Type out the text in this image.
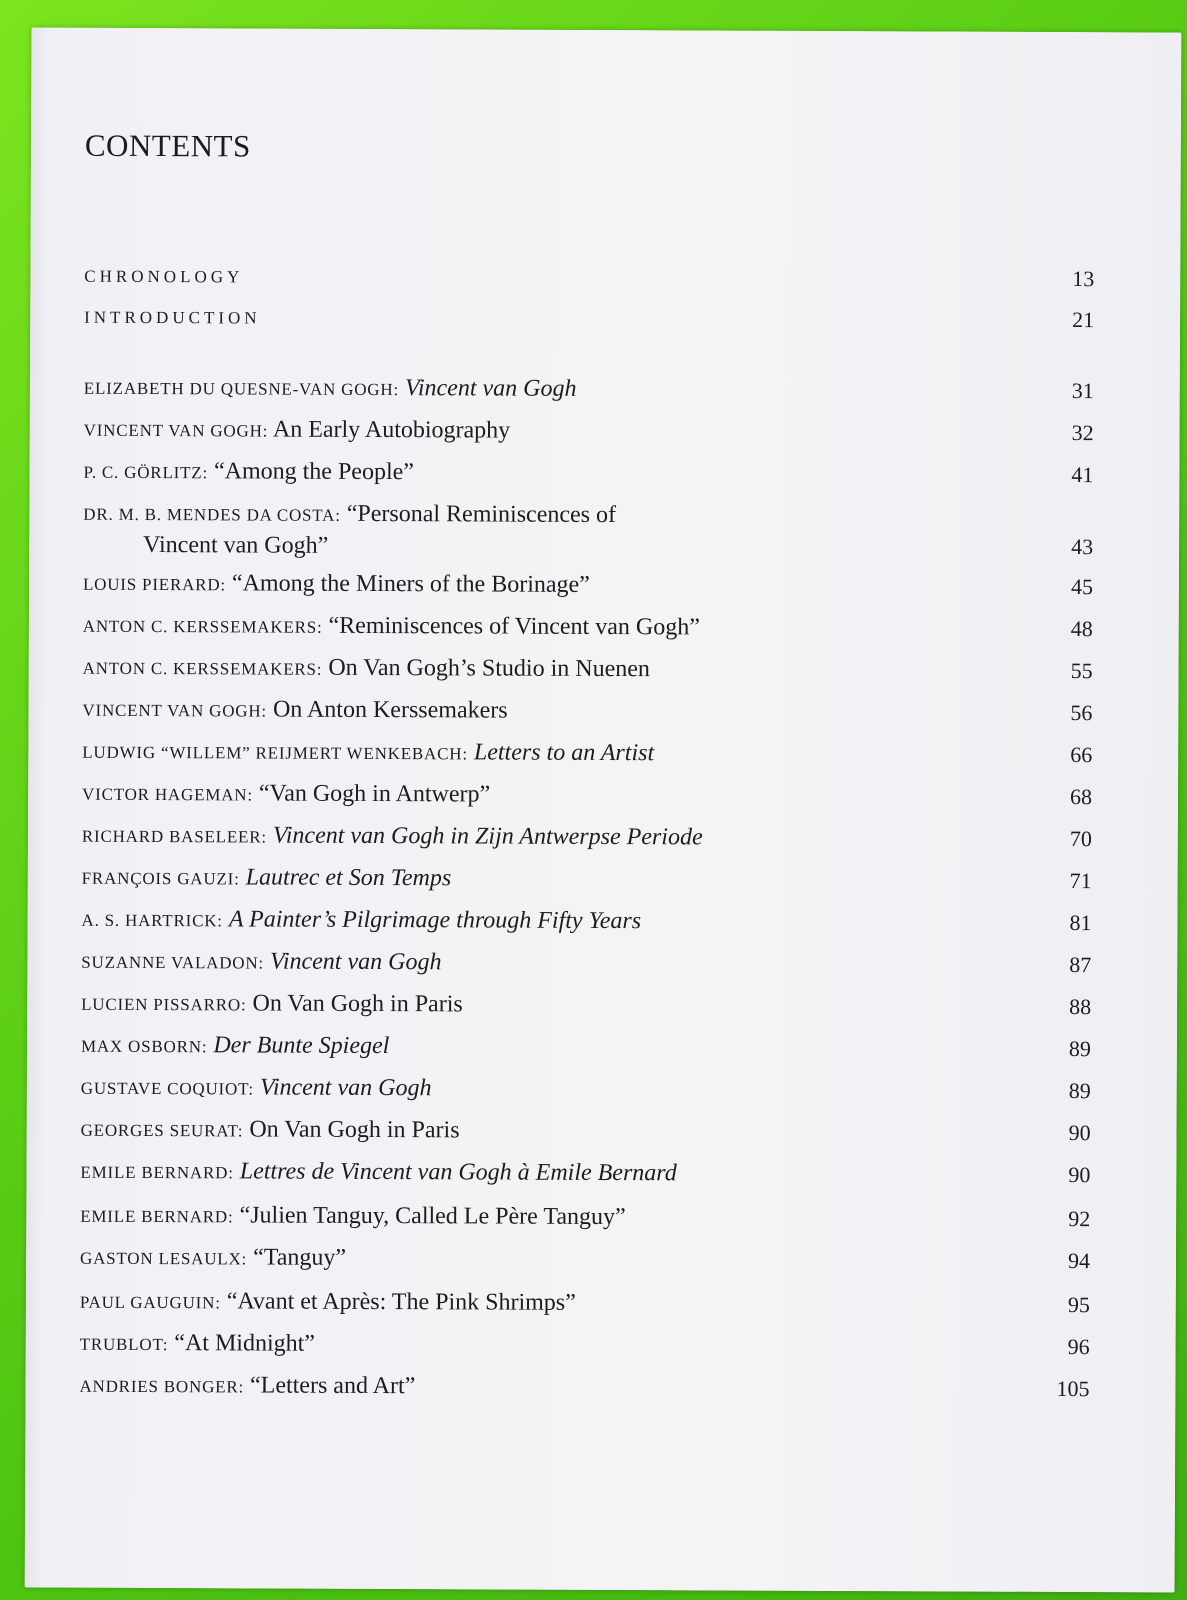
CONTENTS
CHRONOLOGY	13
INTRODUCTION	21
ELIZABETH DU QUESNE-VAN GOGH: Vincent van Gogh	31
VINCENT VAN GOGH: An Early Autobiography	32
P. C. GÖRLITZ: “Among the People”	41
DR. M. B. MENDES DA COSTA: “Personal Reminiscences of
Vincent van Gogh”	43
LOUIS PIERARD: “Among the Miners of the Borinage”	45
ANTON C. KERSSEMAKERS: “Reminiscences of Vincent van Gogh”	48
ANTON C. KERSSEMAKERS: On Van Gogh’s Studio in Nuenen	55
VINCENT VAN GOGH: On Anton Kerssemakers	56
LUDWIG “WILLEM” REIJMERT WENKEBACH: Letters to an Artist	66
VICTOR HAGEMAN: “Van Gogh in Antwerp”	68
RICHARD BASELEER: Vincent van Gogh in Zijn Antwerpse Periode	70
FRANÇOIS GAUZI: Lautrec et Son Temps	71
A. S. HARTRICK: A Painter’s Pilgrimage through Fifty Years	81
SUZANNE VALADON: Vincent van Gogh	87
LUCIEN PISSARRO: On Van Gogh in Paris	88
MAX OSBORN: Der Bunte Spiegel	89
GUSTAVE COQUIOT: Vincent van Gogh	89
GEORGES SEURAT: On Van Gogh in Paris	90
EMILE BERNARD: Lettres de Vincent van Gogh à Emile Bernard	90
EMILE BERNARD: “Julien Tanguy, Called Le Père Tanguy”	92
GASTON LESAULX: “Tanguy”	94
PAUL GAUGUIN: “Avant et Après: The Pink Shrimps”	95
TRUBLOT: “At Midnight”	96
ANDRIES BONGER: “Letters and Art”	105
